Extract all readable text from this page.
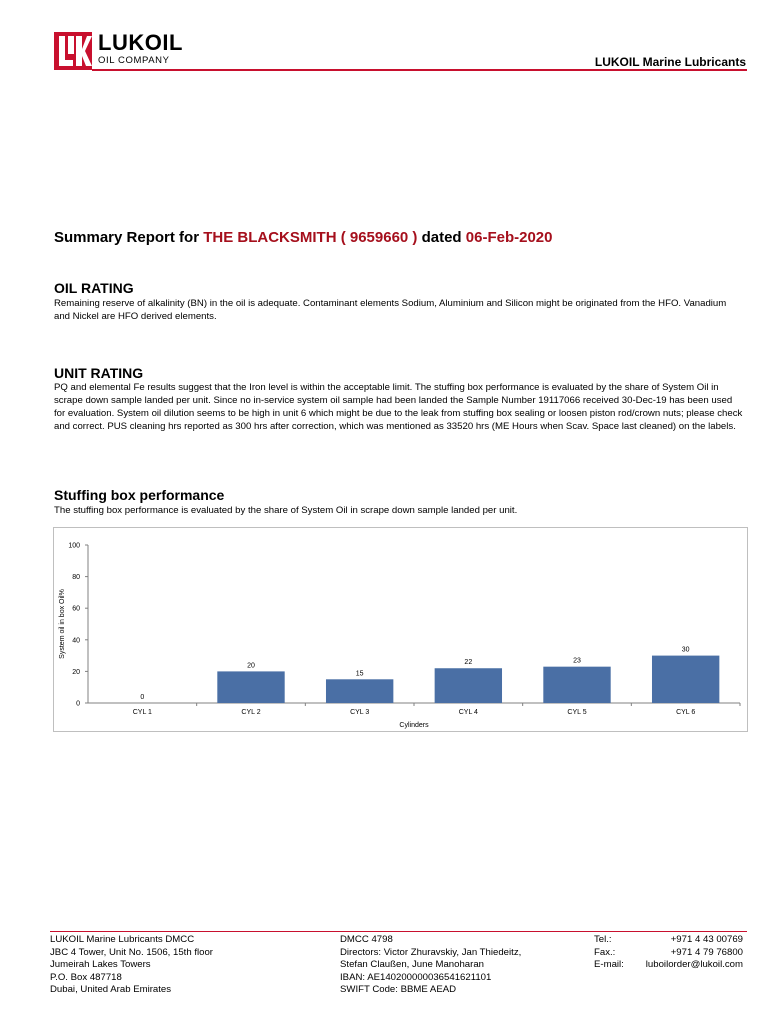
LUKOIL
OIL COMPANY	LUKOIL Marine Lubricants
Summary Report for THE BLACKSMITH ( 9659660 ) dated 06-Feb-2020
OIL RATING
Remaining reserve of alkalinity (BN) in the oil is adequate. Contaminant elements Sodium, Aluminium and Silicon might be originated from the HFO. Vanadium and Nickel are HFO derived elements.
UNIT RATING
PQ and elemental Fe results suggest that the Iron level is within the acceptable limit. The stuffing box performance is evaluated by the share of System Oil in scrape down sample landed per unit. Since no in-service system oil sample had been landed the Sample Number 19117066 received 30-Dec-19 has been used for evaluation. System oil dilution seems to be high in unit 6 which might be due to the leak from stuffing box sealing or loosen piston rod/crown nuts; please check and correct. PUS cleaning hrs reported as 300 hrs after correction, which was mentioned as 33520 hrs (ME Hours when Scav. Space last cleaned) on the labels.
Stuffing box performance
The stuffing box performance is evaluated by the share of System Oil in scrape down sample landed per unit.
0
20
40
60
80
100
0
CYL 1
20
CYL 2
15
CYL 3
22
CYL 4
23
CYL 5
30
CYL 6
Cylinders
System oil in box Oil%
LUKOIL Marine Lubricants DMCC
JBC 4 Tower, Unit No. 1506, 15th floor
Jumeirah Lakes Towers
P.O. Box 487718
Dubai, United Arab Emirates
DMCC 4798
Directors: Victor Zhuravskiy, Jan Thiedeitz,
Stefan Claußen, June Manoharan
IBAN: AE140200000036541621101
SWIFT Code: BBME AEAD
Tel.:
Fax.:
E-mail:
+971 4 43 00769
+971 4 79 76800
luboilorder@lukoil.com
